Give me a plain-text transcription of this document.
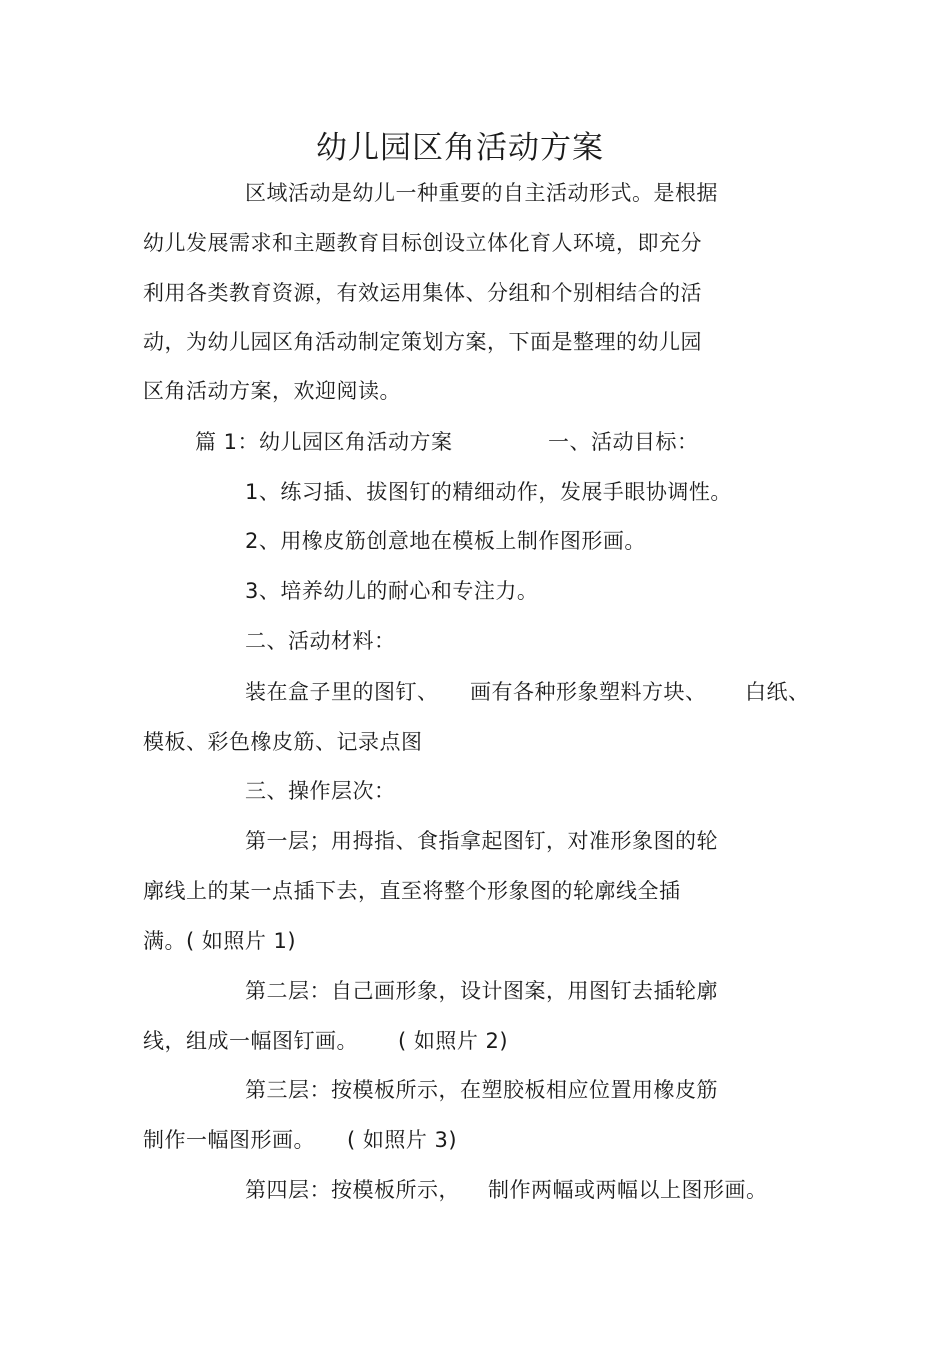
幼儿园区角活动方案
区域活动是幼儿一种重要的自主活动形式。是根据
幼儿发展需求和主题教育目标创设立体化育人环境，即充分
利用各类教育资源，有效运用集体、分组和个别相结合的活
动，为幼儿园区角活动制定策划方案，下面是整理的幼儿园
区角活动方案，欢迎阅读。
篇 1：幼儿园区角活动方案	一、活动目标：
1、练习插、拔图钉的精细动作，发展手眼协调性。
2、用橡皮筋创意地在模板上制作图形画。
3、培养幼儿的耐心和专注力。
二、活动材料：
装在盒子里的图钉、 画有各种形象塑料方块、 白纸、
模板、彩色橡皮筋、记录点图
三、操作层次：
第一层；用拇指、食指拿起图钉，对准形象图的轮
廓线上的某一点插下去，直至将整个形象图的轮廓线全插
满。( 如照片 1)
第二层：自己画形象，设计图案，用图钉去插轮廓
线，组成一幅图钉画。 ( 如照片 2)
第三层：按模板所示，在塑胶板相应位置用橡皮筋
制作一幅图形画。 ( 如照片 3)
第四层：按模板所示， 制作两幅或两幅以上图形画。
